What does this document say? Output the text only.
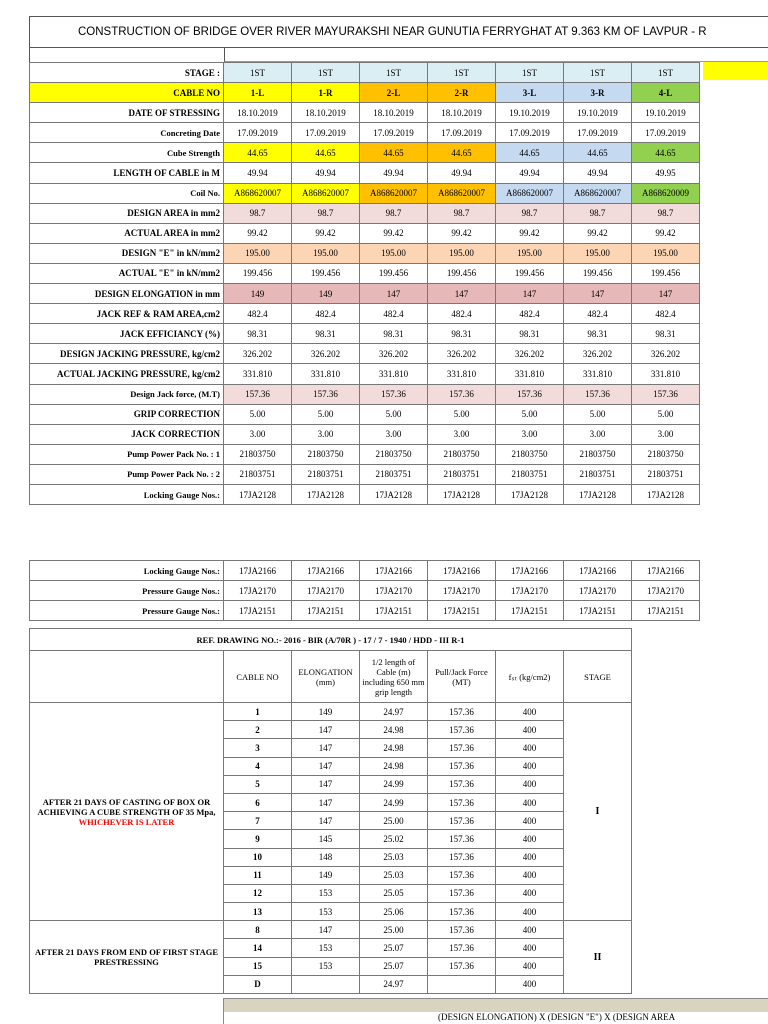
CONSTRUCTION OF BRIDGE OVER RIVER MAYURAKSHI NEAR GUNUTIA FERRYGHAT AT 9.363 KM OF LAVPUR - R
STAGE :	1ST	1ST	1ST	1ST	1ST	1ST	1ST
CABLE NO	1-L	1-R	2-L	2-R	3-L	3-R	4-L
DATE OF STRESSING	18.10.2019	18.10.2019	18.10.2019	18.10.2019	19.10.2019	19.10.2019	19.10.2019
Concreting Date	17.09.2019	17.09.2019	17.09.2019	17.09.2019	17.09.2019	17.09.2019	17.09.2019
Cube Strength	44.65	44.65	44.65	44.65	44.65	44.65	44.65
LENGTH OF CABLE in M	49.94	49.94	49.94	49.94	49.94	49.94	49.95
Coil No.	A868620007	A868620007	A868620007	A868620007	A868620007	A868620007	A868620009
DESIGN AREA in mm2	98.7	98.7	98.7	98.7	98.7	98.7	98.7
ACTUAL AREA in mm2	99.42	99.42	99.42	99.42	99.42	99.42	99.42
DESIGN "E" in kN/mm2	195.00	195.00	195.00	195.00	195.00	195.00	195.00
ACTUAL "E" in kN/mm2	199.456	199.456	199.456	199.456	199.456	199.456	199.456
DESIGN ELONGATION in mm	149	149	147	147	147	147	147
JACK REF & RAM AREA,cm2	482.4	482.4	482.4	482.4	482.4	482.4	482.4
JACK EFFICIANCY (%)	98.31	98.31	98.31	98.31	98.31	98.31	98.31
DESIGN JACKING PRESSURE, kg/cm2	326.202	326.202	326.202	326.202	326.202	326.202	326.202
ACTUAL JACKING PRESSURE, kg/cm2	331.810	331.810	331.810	331.810	331.810	331.810	331.810
Design Jack force, (M.T)	157.36	157.36	157.36	157.36	157.36	157.36	157.36
GRIP CORRECTION	5.00	5.00	5.00	5.00	5.00	5.00	5.00
JACK CORRECTION	3.00	3.00	3.00	3.00	3.00	3.00	3.00
Pump Power Pack No. : 1	21803750	21803750	21803750	21803750	21803750	21803750	21803750
Pump Power Pack No. : 2	21803751	21803751	21803751	21803751	21803751	21803751	21803751
Locking Gauge Nos.:	17JA2128	17JA2128	17JA2128	17JA2128	17JA2128	17JA2128	17JA2128
Locking Gauge Nos.:	17JA2166	17JA2166	17JA2166	17JA2166	17JA2166	17JA2166	17JA2166
Pressure Gauge Nos.:	17JA2170	17JA2170	17JA2170	17JA2170	17JA2170	17JA2170	17JA2170
Pressure Gauge Nos.:	17JA2151	17JA2151	17JA2151	17JA2151	17JA2151	17JA2151	17JA2151
REF. DRAWING NO.:- 2016 - BIR (A/70R ) - 17 / 7 - 1940 / HDD - III R-1						
	CABLE NO	ELONGATION (mm)	1/2 length of Cable (m) including 650 mm grip length	Pull/Jack Force (MT)	fₛₜ (kg/cm2)	STAGE
AFTER 21 DAYS OF CASTING OF BOX OR ACHIEVING A CUBE STRENGTH OF 35 Mpa, WHICHEVER IS LATER	1	149	24.97	157.36	400	I
	2	147	24.98	157.36	400	
	3	147	24.98	157.36	400	
	4	147	24.98	157.36	400	
	5	147	24.99	157.36	400	
	6	147	24.99	157.36	400	
	7	147	25.00	157.36	400	
	9	145	25.02	157.36	400	
	10	148	25.03	157.36	400	
	11	149	25.03	157.36	400	
	12	153	25.05	157.36	400	
	13	153	25.06	157.36	400	
AFTER 21 DAYS FROM END OF FIRST STAGE PRESTRESSING	8	147	25.00	157.36	400	II
	14	153	25.07	157.36	400	
	15	153	25.07	157.36	400	
	D		24.97		400	
(DESIGN ELONGATION) X (DESIGN "E") X (DESIGN AREA
